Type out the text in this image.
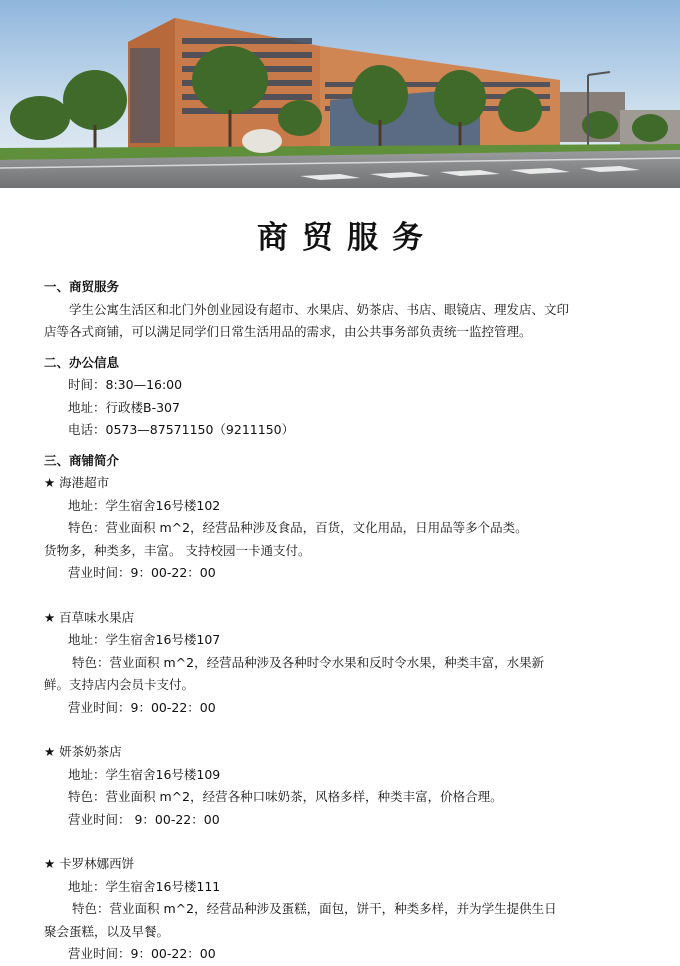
商贸服务
一、商贸服务
学生公寓生活区和北门外创业园设有超市、水果店、奶茶店、书店、眼镜店、理发店、文印
店等各式商铺，可以满足同学们日常生活用品的需求，由公共事务部负责统一监控管理。
二、办公信息
时间：8:30—16:00
地址：行政楼B-307
电话：0573—87571150（9211150）
三、商铺简介
★ 海港超市
地址：学生宿舍16号楼102
特色：营业面积 m^2，经营品种涉及食品，百货，文化用品，日用品等多个品类。
货物多，种类多，丰富。 支持校园一卡通支付。
营业时间：9：00-22：00
★ 百草味水果店
地址：学生宿舍16号楼107
特色：营业面积 m^2，经营品种涉及各种时令水果和反时令水果，种类丰富，水果新
鲜。支持店内会员卡支付。
营业时间：9：00-22：00
★ 妍茶奶茶店
地址：学生宿舍16号楼109
特色：营业面积 m^2，经营各种口味奶茶，风格多样，种类丰富，价格合理。
营业时间： 9：00-22：00
★ 卡罗林娜西饼
地址：学生宿舍16号楼111
特色：营业面积 m^2，经营品种涉及蛋糕，面包，饼干，种类多样，并为学生提供生日
聚会蛋糕，以及早餐。
营业时间：9：00-22：00
